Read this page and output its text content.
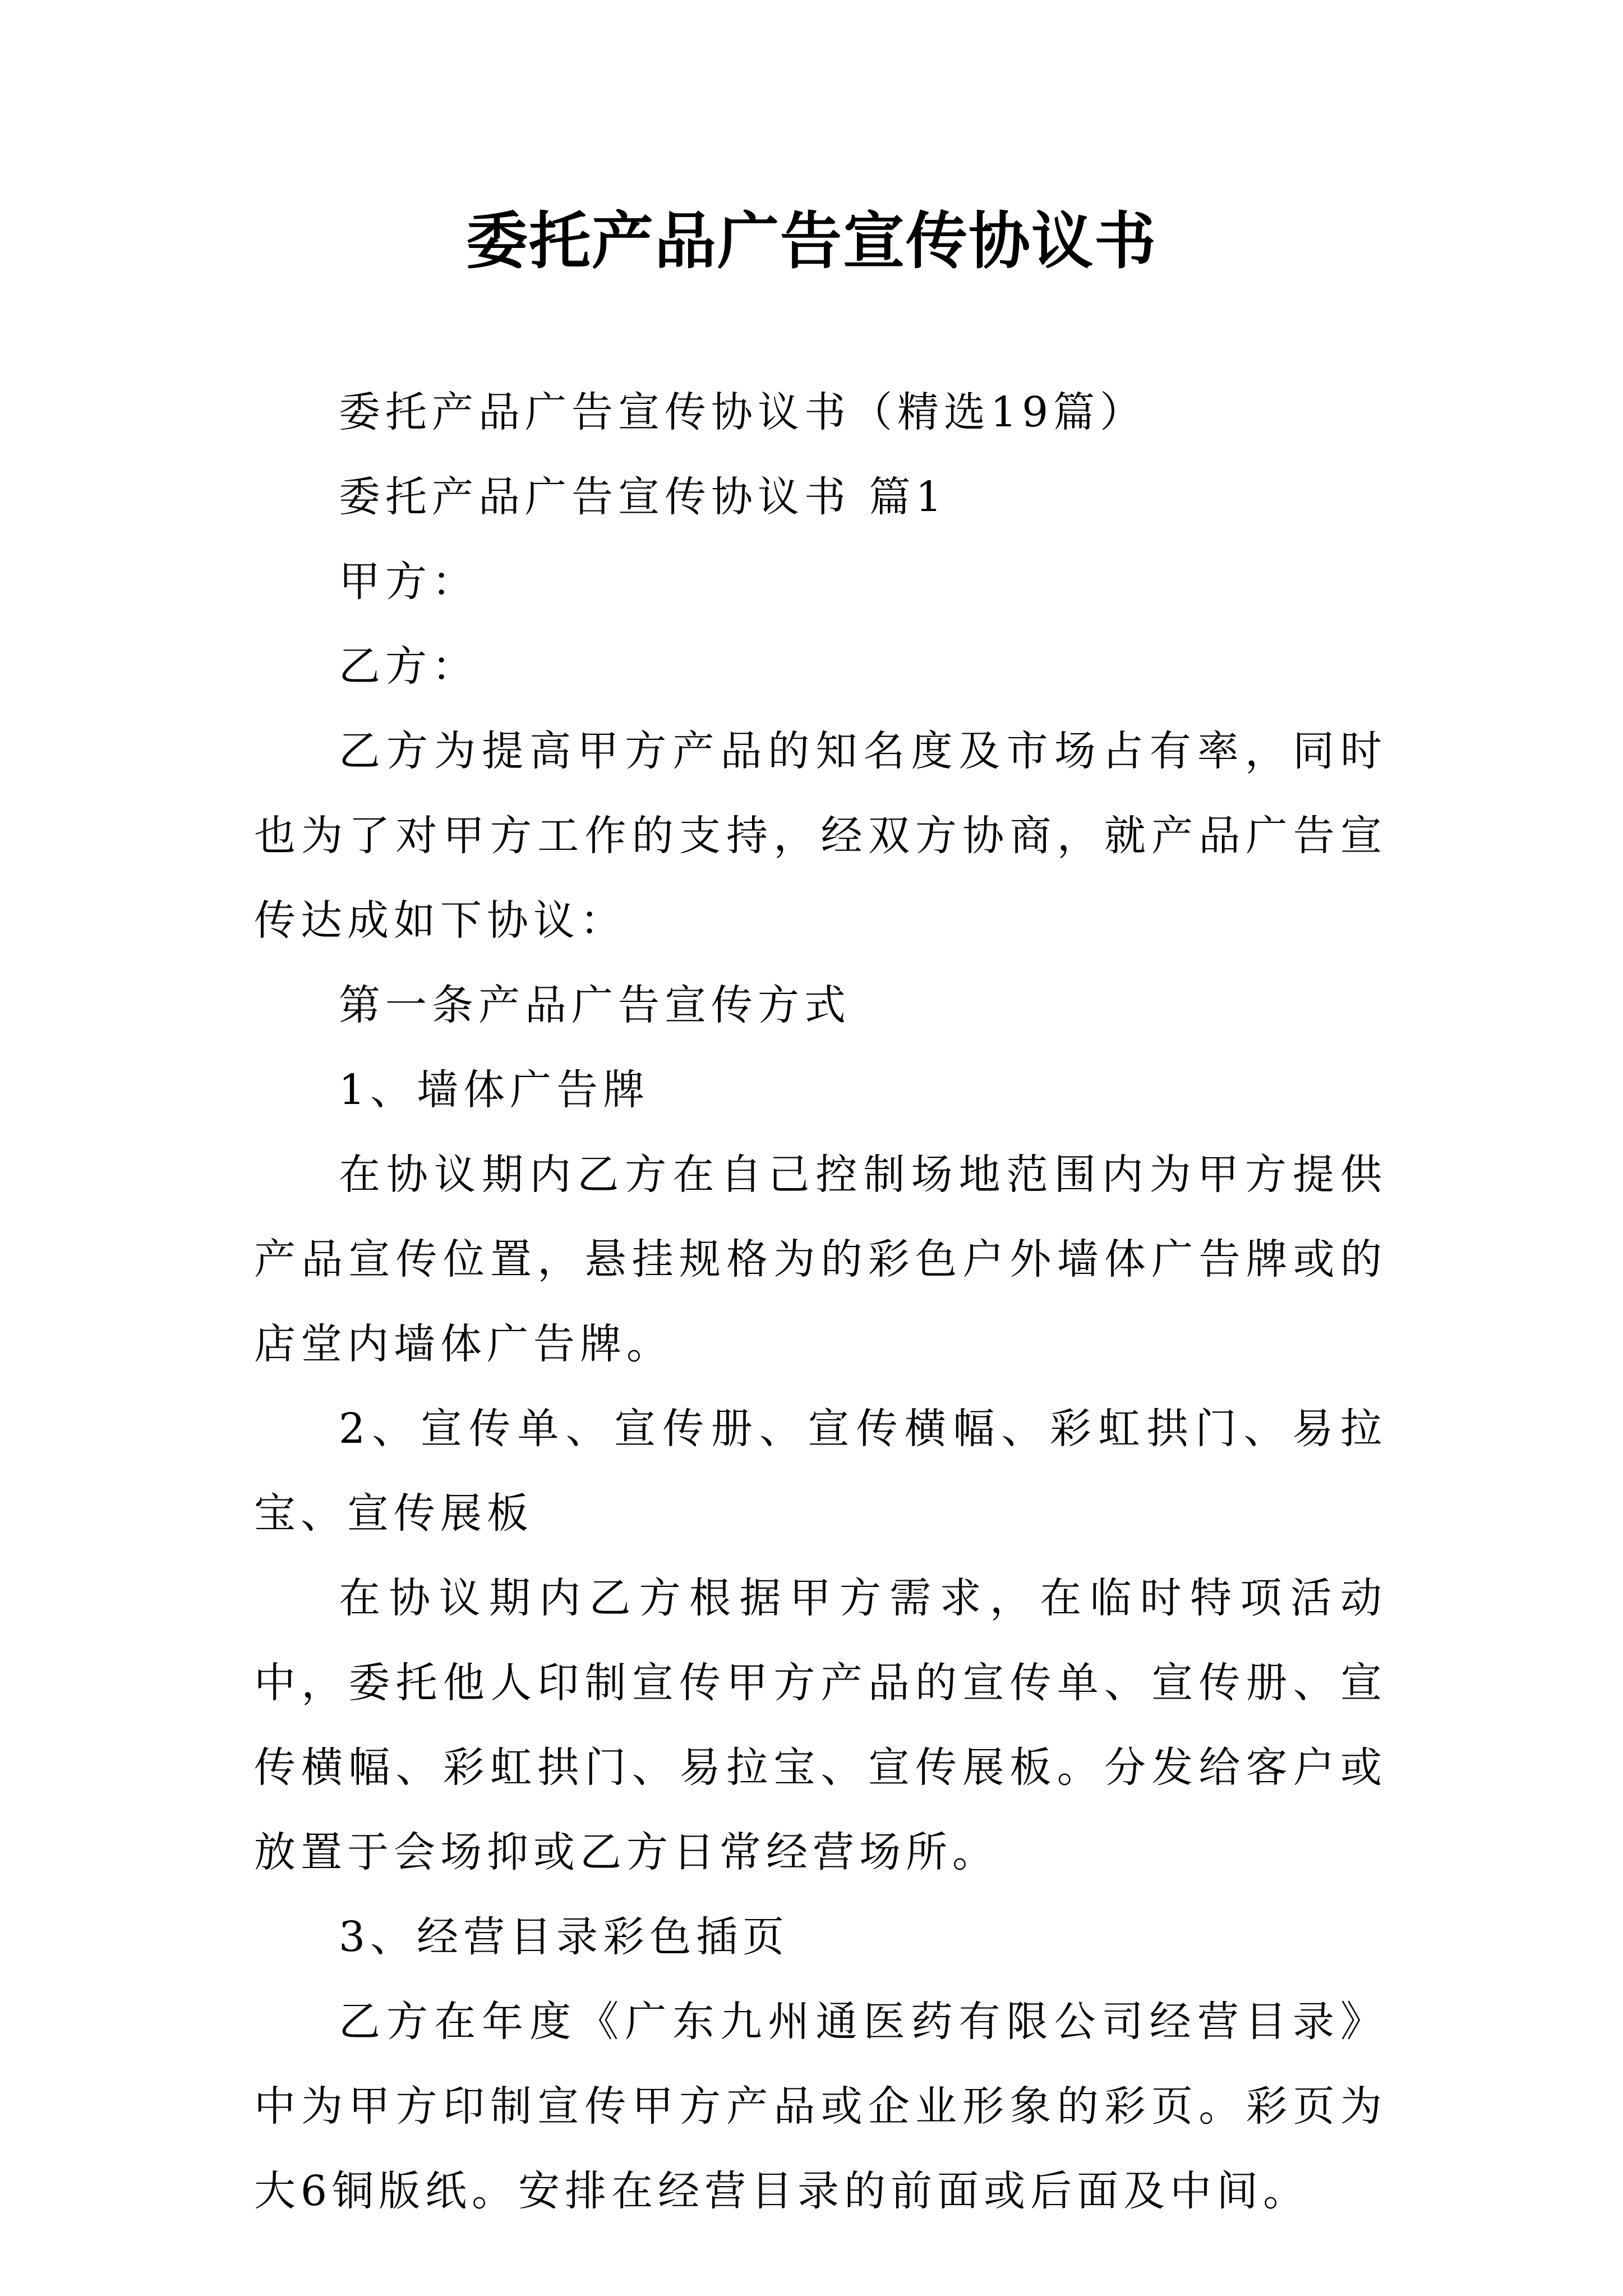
委托产品广告宣传协议书

委托产品广告宣传协议书（精选19篇）

委托产品广告宣传协议书 篇1

甲方：

乙方：

乙方为提高甲方产品的知名度及市场占有率，同时也为了对甲方工作的支持，经双方协商，就产品广告宣传达成如下协议：

第一条产品广告宣传方式

1、墙体广告牌

在协议期内乙方在自己控制场地范围内为甲方提供产品宣传位置，悬挂规格为的彩色户外墙体广告牌或的店堂内墙体广告牌。

2、宣传单、宣传册、宣传横幅、彩虹拱门、易拉宝、宣传展板

在协议期内乙方根据甲方需求，在临时特项活动中，委托他人印制宣传甲方产品的宣传单、宣传册、宣传横幅、彩虹拱门、易拉宝、宣传展板。分发给客户或放置于会场抑或乙方日常经营场所。

3、经营目录彩色插页

乙方在年度《广东九州通医药有限公司经营目录》中为甲方印制宣传甲方产品或企业形象的彩页。彩页为大6铜版纸。安排在经营目录的前面或后面及中间。
